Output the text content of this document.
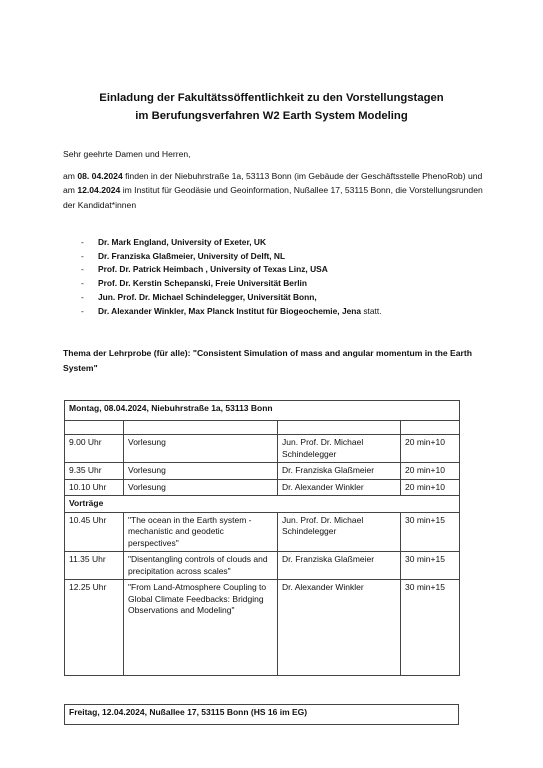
Einladung der Fakultätssöffentlichkeit zu den Vorstellungstagen
im Berufungsverfahren W2 Earth System Modeling
Sehr geehrte Damen und Herren,
am 08. 04.2024 finden in der Niebuhrstraße 1a, 53113 Bonn (im Gebäude der Geschäftsstelle PhenoRob) und am 12.04.2024 im Institut für Geodäsie und Geoinformation, Nußallee 17, 53115 Bonn, die Vorstellungsrunden der Kandidat*innen
- Dr. Mark England, University of Exeter, UK
- Dr. Franziska Glaßmeier, University of Delft, NL
- Prof. Dr. Patrick Heimbach , University of Texas Linz, USA
- Prof. Dr. Kerstin Schepanski, Freie Universität Berlin
- Jun. Prof. Dr. Michael Schindelegger, Universität Bonn,
- Dr. Alexander Winkler, Max Planck Institut für Biogeochemie, Jena statt.
Thema der Lehrprobe (für alle): "Consistent Simulation of mass and angular momentum in the Earth System"
Montag, 08.04.2024, Niebuhrstraße 1a, 53113 Bonn			

9.00 Uhr	Vorlesung	Jun. Prof. Dr. Michael Schindelegger	20 min+10
9.35 Uhr	Vorlesung	Dr. Franziska Glaßmeier	20 min+10
10.10 Uhr	Vorlesung	Dr. Alexander Winkler	20 min+10
Vorträge			
10.45 Uhr	"The ocean in the Earth system - mechanistic and geodetic perspectives"	Jun. Prof. Dr. Michael Schindelegger	30 min+15
11.35 Uhr	"Disentangling controls of clouds and precipitation across scales"	Dr. Franziska Glaßmeier	30 min+15
12.25 Uhr	"From Land-Atmosphere Coupling to Global Climate Feedbacks: Bridging Observations and Modeling"	Dr. Alexander Winkler	30 min+15
Freitag, 12.04.2024, Nußallee 17, 53115 Bonn (HS 16 im EG)
